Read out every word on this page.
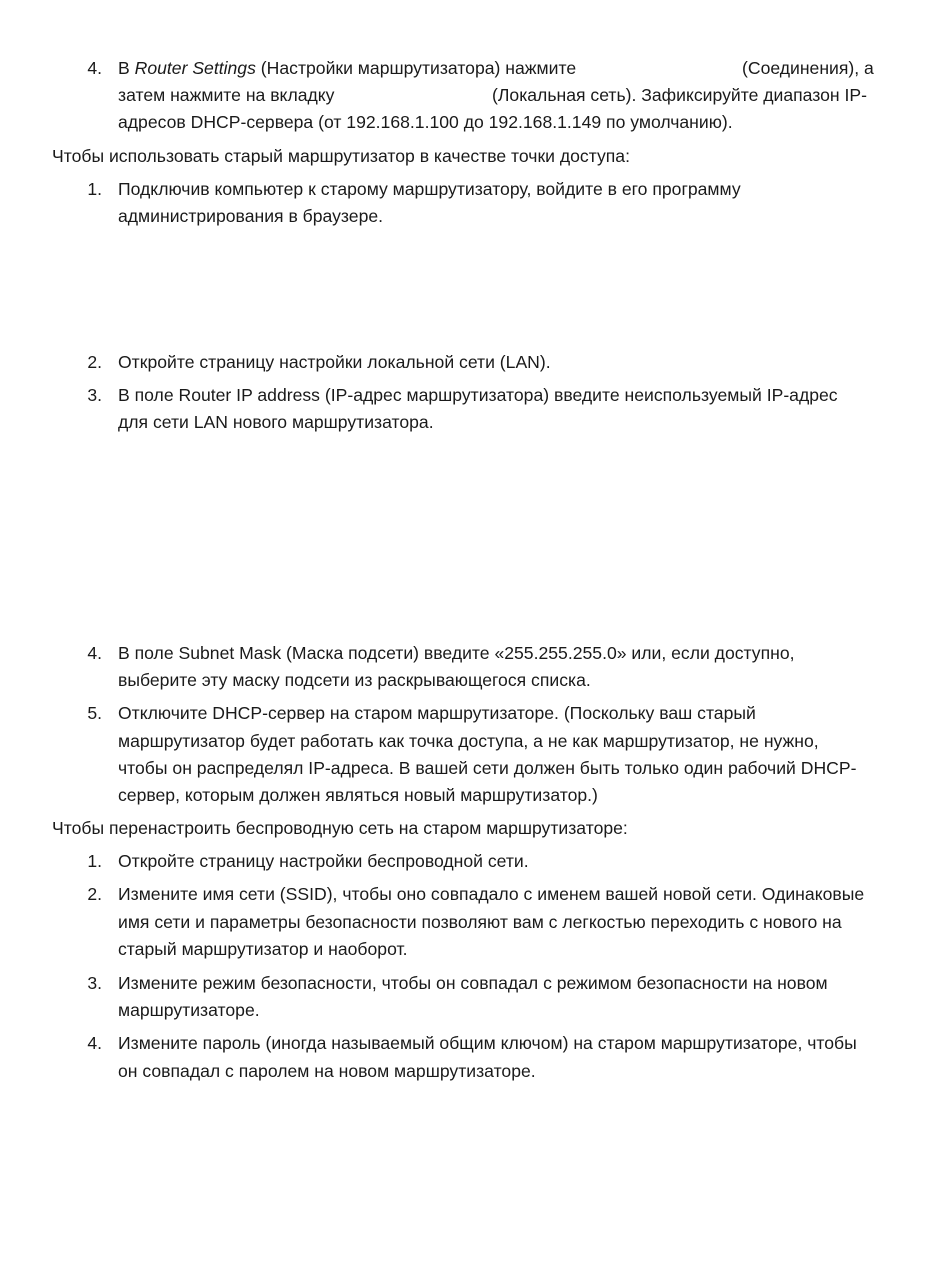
4. В Router Settings (Настройки маршрутизатора) нажмите	(Соединения), а
затем нажмите на вкладку	(Локальная сеть). Зафиксируйте диапазон IP-
адресов DHCP-сервера (от 192.168.1.100 до 192.168.1.149 по умолчанию).
Чтобы использовать старый маршрутизатор в качестве точки доступа:
1. Подключив компьютер к старому маршрутизатору, войдите в его программу
администрирования в браузере.
2. Откройте страницу настройки локальной сети (LAN).
3. В поле Router IP address (IP-адрес маршрутизатора) введите неиспользуемый IP-адрес
для сети LAN нового маршрутизатора.
4. В поле Subnet Mask (Маска подсети) введите «255.255.255.0» или, если доступно,
выберите эту маску подсети из раскрывающегося списка.
5. Отключите DHCP-сервер на старом маршрутизаторе. (Поскольку ваш старый
маршрутизатор будет работать как точка доступа, а не как маршрутизатор, не нужно,
чтобы он распределял IP-адреса. В вашей сети должен быть только один рабочий DHCP-
сервер, которым должен являться новый маршрутизатор.)
Чтобы перенастроить беспроводную сеть на старом маршрутизаторе:
1. Откройте страницу настройки беспроводной сети.
2. Измените имя сети (SSID), чтобы оно совпадало с именем вашей новой сети. Одинаковые
имя сети и параметры безопасности позволяют вам с легкостью переходить с нового на
старый маршрутизатор и наоборот.
3. Измените режим безопасности, чтобы он совпадал с режимом безопасности на новом
маршрутизаторе.
4. Измените пароль (иногда называемый общим ключом) на старом маршрутизаторе, чтобы
он совпадал с паролем на новом маршрутизаторе.
